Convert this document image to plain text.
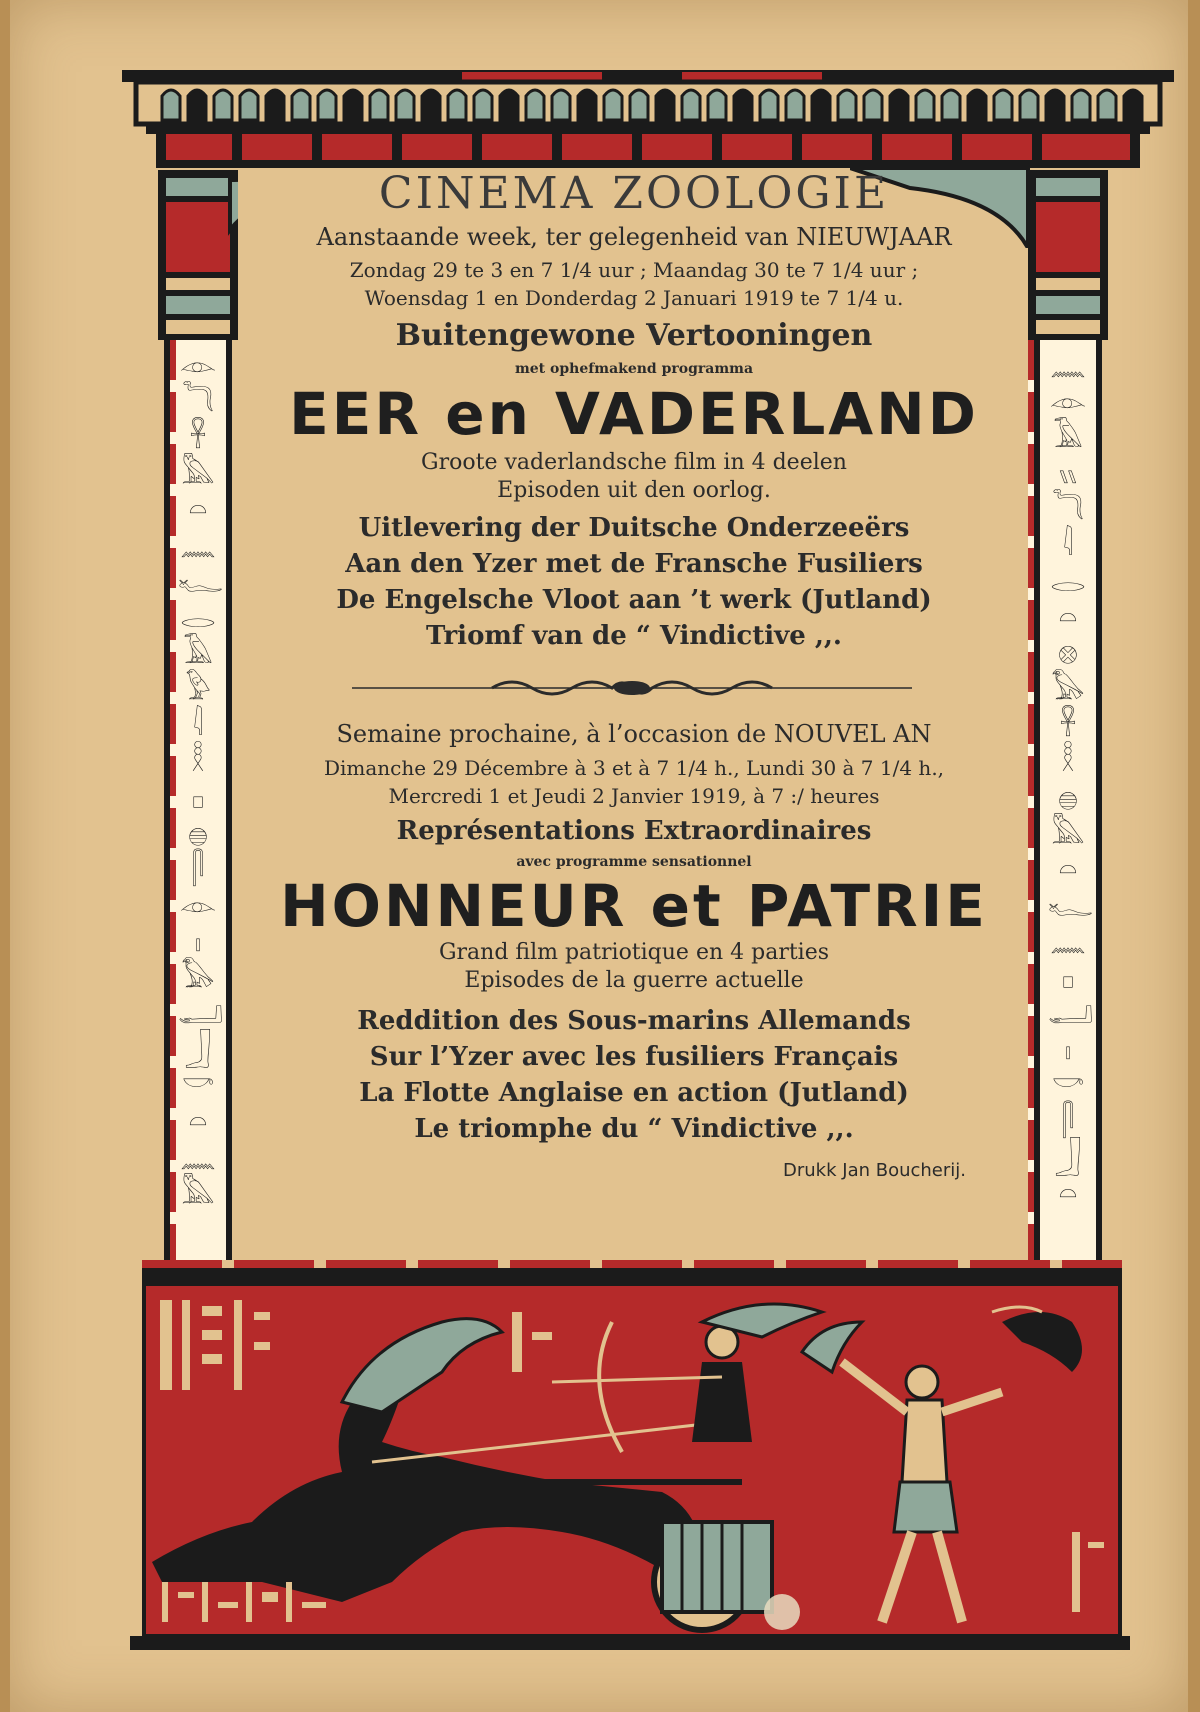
𓁹
𓆓
𓋹
𓅓
𓏏
𓈖
𓆑
𓂋
𓄿
𓅱
𓇋
𓎛
𓊪
𓐍
𓋴
𓁹
𓏤
𓅃
𓂝
𓃀
𓎡
𓏏
𓈖
𓅓
𓈖
𓁹
𓄿
𓏭
𓆓
𓇋
𓂋
𓏏
𓊖
𓅃
𓋹
𓎛
𓐍
𓅓
𓏏
𓆑
𓈖
𓊪
𓂝
𓏤
𓎡
𓋴
𓃀
𓏏
CINEMA ZOOLOGIE
Aanstaande week, ter gelegenheid van NIEUWJAAR
Zondag 29 te 3 en 7 1/4 uur ; Maandag 30 te 7 1/4 uur ;
Woensdag 1 en Donderdag 2 Januari 1919 te 7 1/4 u.
Buitengewone Vertooningen
met ophefmakend programma
EER en VADERLAND
Groote vaderlandsche film in 4 deelen
Episoden uit den oorlog.
Uitlevering der Duitsche Onderzeeërs
Aan den Yzer met de Fransche Fusiliers
De Engelsche Vloot aan ’t werk (Jutland)
Triomf van de “ Vindictive ,,.
Semaine prochaine, à l’occasion de NOUVEL AN
Dimanche 29 Décembre à 3 et à 7 1/4 h., Lundi 30 à 7 1/4 h.,
Mercredi 1 et Jeudi 2 Janvier 1919, à 7 :/ heures
Représentations Extraordinaires
avec programme sensationnel
HONNEUR et PATRIE
Grand film patriotique en 4 parties
Episodes de la guerre actuelle
Reddition des Sous-marins Allemands
Sur l’Yzer avec les fusiliers Français
La Flotte Anglaise en action (Jutland)
Le triomphe du “ Vindictive ,,.
Drukk Jan Boucherij.
